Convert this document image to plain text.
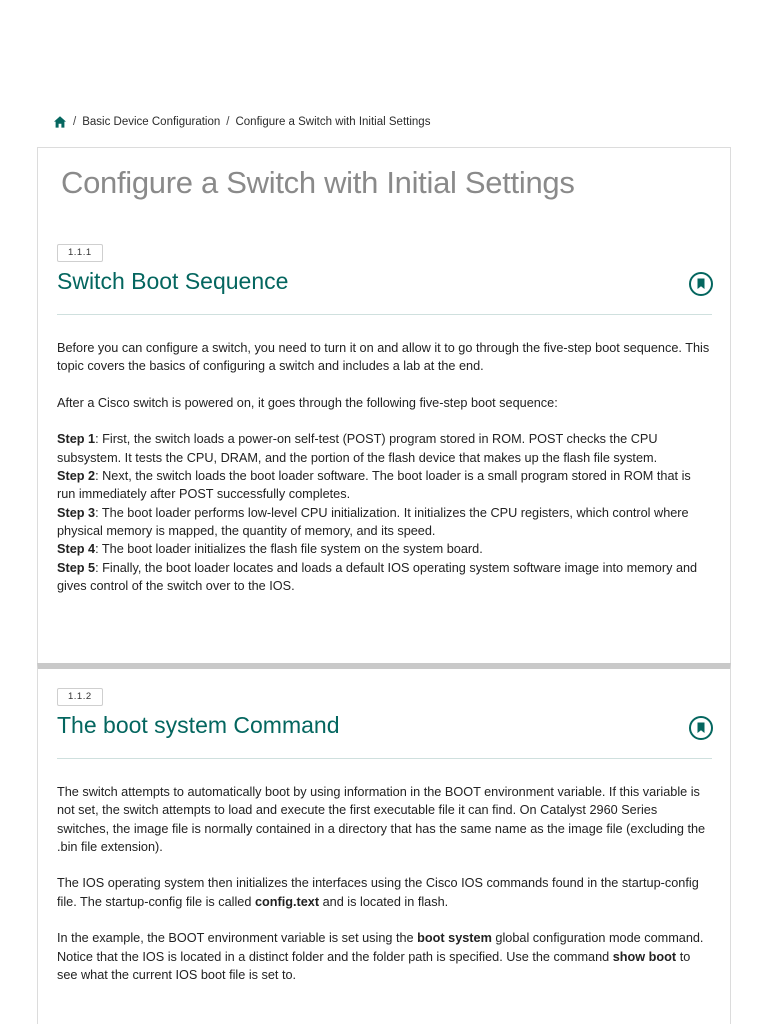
/ Basic Device Configuration / Configure a Switch with Initial Settings
Configure a Switch with Initial Settings
1.1.1
Switch Boot Sequence

Before you can configure a switch, you need to turn it on and allow it to go through the five-step boot sequence. This topic covers the basics of configuring a switch and includes a lab at the end.

After a Cisco switch is powered on, it goes through the following five-step boot sequence:

Step 1: First, the switch loads a power-on self-test (POST) program stored in ROM. POST checks the CPU subsystem. It tests the CPU, DRAM, and the portion of the flash device that makes up the flash file system.

Step 2: Next, the switch loads the boot loader software. The boot loader is a small program stored in ROM that is run immediately after POST successfully completes.

Step 3: The boot loader performs low-level CPU initialization. It initializes the CPU registers, which control where physical memory is mapped, the quantity of memory, and its speed.

Step 4: The boot loader initializes the flash file system on the system board.

Step 5: Finally, the boot loader locates and loads a default IOS operating system software image into memory and gives control of the switch over to the IOS.

1.1.2
The boot system Command

The switch attempts to automatically boot by using information in the BOOT environment variable. If this variable is not set, the switch attempts to load and execute the first executable file it can find. On Catalyst 2960 Series switches, the image file is normally contained in a directory that has the same name as the image file (excluding the .bin file extension).

The IOS operating system then initializes the interfaces using the Cisco IOS commands found in the startup-config file. The startup-config file is called config.text and is located in flash.

In the example, the BOOT environment variable is set using the boot system global configuration mode command. Notice that the IOS is located in a distinct folder and the folder path is specified. Use the command show boot to see what the current IOS boot file is set to.
